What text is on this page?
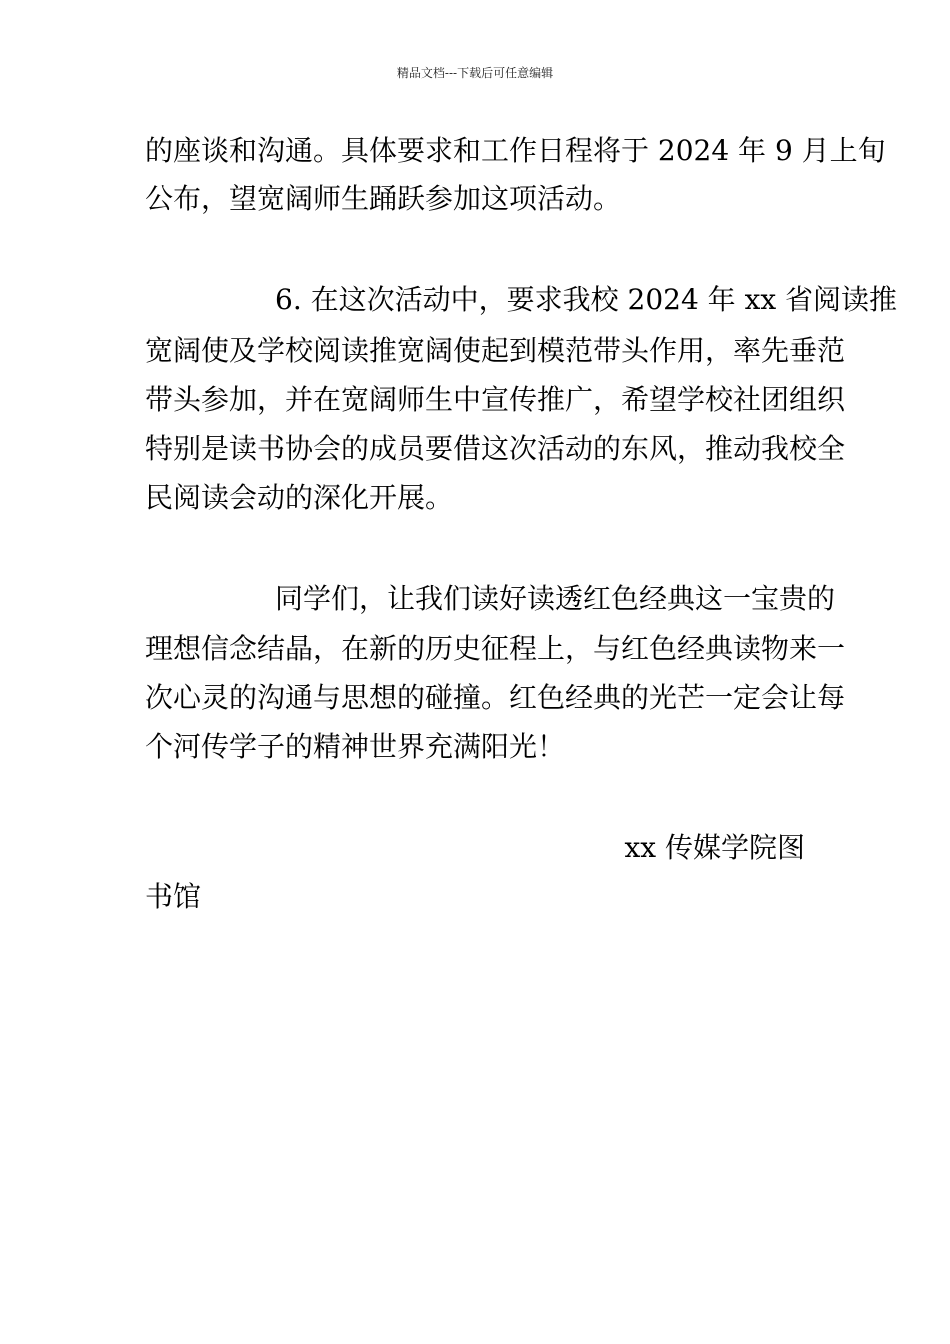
精品文档---下载后可任意编辑
的座谈和沟通。具体要求和工作日程将于 2024 年 9 月上旬
公布，望宽阔师生踊跃参加这项活动。
6. 在这次活动中，要求我校 2024 年 xx 省阅读推
宽阔使及学校阅读推宽阔使起到模范带头作用，率先垂范
带头参加，并在宽阔师生中宣传推广，希望学校社团组织
特别是读书协会的成员要借这次活动的东风，推动我校全
民阅读会动的深化开展。
同学们，让我们读好读透红色经典这一宝贵的
理想信念结晶，在新的历史征程上，与红色经典读物来一
次心灵的沟通与思想的碰撞。红色经典的光芒一定会让每
个河传学子的精神世界充满阳光！
xx 传媒学院图
书馆
